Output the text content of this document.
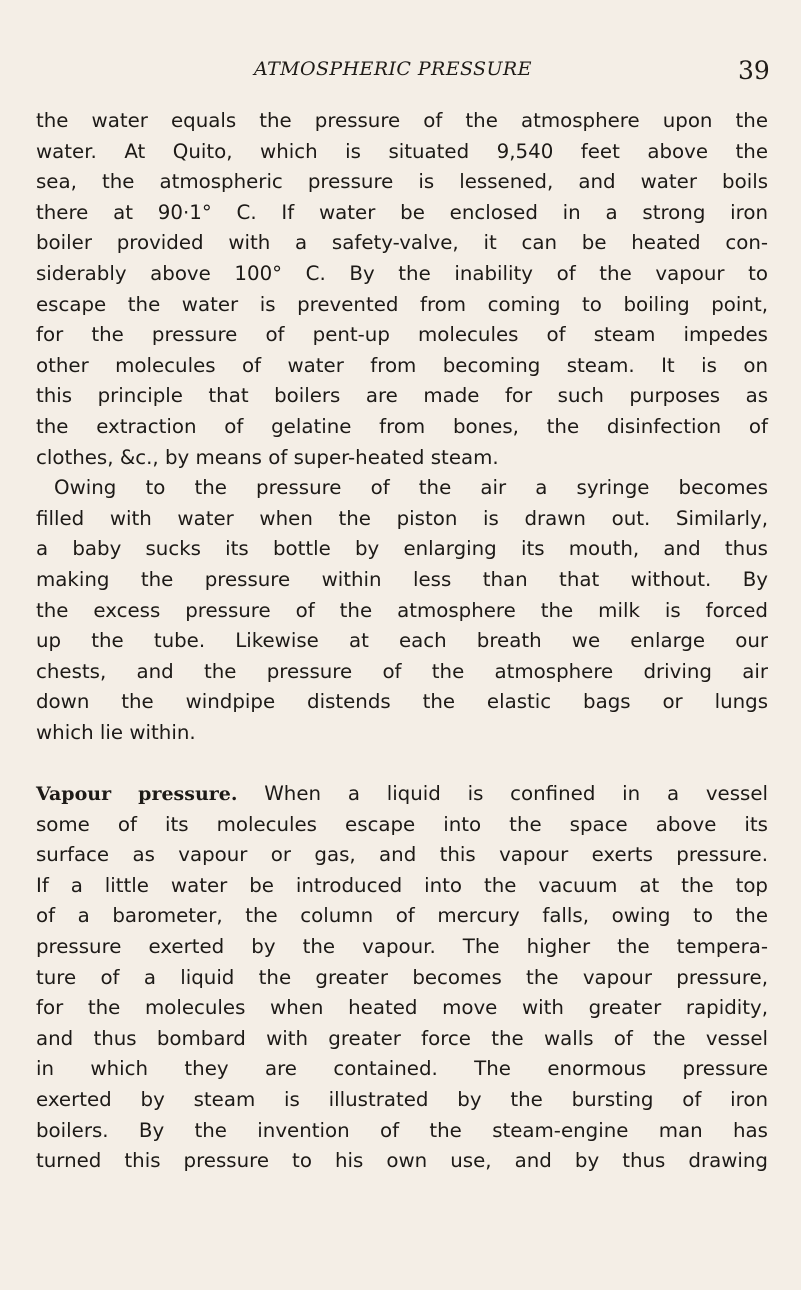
ATMOSPHERIC PRESSURE	39
the water equals the pressure of the atmosphere upon the
water. At Quito, which is situated 9,540 feet above the
sea, the atmospheric pressure is lessened, and water boils
there at 90·1° C. If water be enclosed in a strong iron
boiler provided with a safety-valve, it can be heated con-
siderably above 100° C. By the inability of the vapour to
escape the water is prevented from coming to boiling point,
for the pressure of pent-up molecules of steam impedes
other molecules of water from becoming steam. It is on
this principle that boilers are made for such purposes as
the extraction of gelatine from bones, the disinfection of
clothes, &c., by means of super-heated steam.
Owing to the pressure of the air a syringe becomes
filled with water when the piston is drawn out. Similarly,
a baby sucks its bottle by enlarging its mouth, and thus
making the pressure within less than that without. By
the excess pressure of the atmosphere the milk is forced
up the tube. Likewise at each breath we enlarge our
chests, and the pressure of the atmosphere driving air
down the windpipe distends the elastic bags or lungs
which lie within.
Vapour pressure. When a liquid is confined in a vessel
some of its molecules escape into the space above its
surface as vapour or gas, and this vapour exerts pressure.
If a little water be introduced into the vacuum at the top
of a barometer, the column of mercury falls, owing to the
pressure exerted by the vapour. The higher the tempera-
ture of a liquid the greater becomes the vapour pressure,
for the molecules when heated move with greater rapidity,
and thus bombard with greater force the walls of the vessel
in which they are contained. The enormous pressure
exerted by steam is illustrated by the bursting of iron
boilers. By the invention of the steam-engine man has
turned this pressure to his own use, and by thus drawing
